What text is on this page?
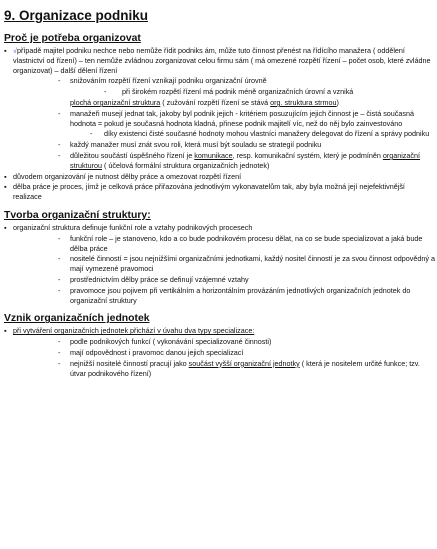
9. Organizace podniku
Proč je potřeba organizovat
▪ √případě majitel podniku nechce nebo nemůže řídit podniks ám, může tuto činnost přenést na řídícího manažera ( oddělení vlastnictví od řízení) – ten nemůže zvládnou zorganizovat celou firmu sám ( má omezené rozpětí řízení – počet osob, které zvládne organizovat) – další dělení řízení
-	snižováním rozpětí řízení vznikají podniku organizační úrovně
-	při širokém rozpětí řízení má podnik méně organizačních úrovní a vzniká
plochá organizační struktura ( zužování rozpětí řízení se stává org. struktura strmou)
-	manažeři musejí jednat tak, jakoby byl podnik jejich - kritériem posuzujícím jejich činnost je – čistá současná hodnota = pokud je současná hodnota kladná, přinese podnik majitelí víc, než do něj bylo zainvestováno
-	díky existenci čisté současné hodnoty mohou vlastníci manažery delegovat do řízení a správy podniku
-	každý manažer musí znát svou roli, která musí být souladu se strategií podniku
-	důležitou součástí úspěšného řízení je komunikace, resp. komunikační systém, který je podmíněn organizační strukturou ( účelová formální struktura organizačních jednotek)
▪ důvodem organizování je nutnost dělby práce a omezovat rozpětí řízení
▪ dělba práce je proces, jímž je celková práce přiřazována jednotlivým vykonavatelům tak, aby byla možná její nejefektivnější realizace
Tvorba organizační struktury:
▪ organizační struktura definuje funkční role a vztahy podnikových procesech
-	funkční role – je stanoveno, kdo a co bude podnikovém procesu dělat, na co se bude specializovat a jaká bude dělba práce
-	nositelé činností = jsou nejnižšími organizačními jednotkami, každý nositel činností je za svou činnost odpovědný a mají vymezené pravomoci
-	prostřednictvím dělby práce se definují vzájemné vztahy
-	pravomoce jsou pojivem při vertikálním a horizontálním provázáním jednotlivých organizačních jednotek do organizační struktury
Vznik organizačních jednotek
▪ při vytváření organizačních jednotek přichází v úvahu dva typy specializace:
-	podle podnikových funkcí ( vykonávání specializované činnosti)
-	mají odpovědnost i pravomoc danou jejich specializací
-	nejnižší nositelé činností pracují jako součást vyšší organizační jednotky ( která je nositelem určité funkce; tzv. útvar podnikového řízení)
